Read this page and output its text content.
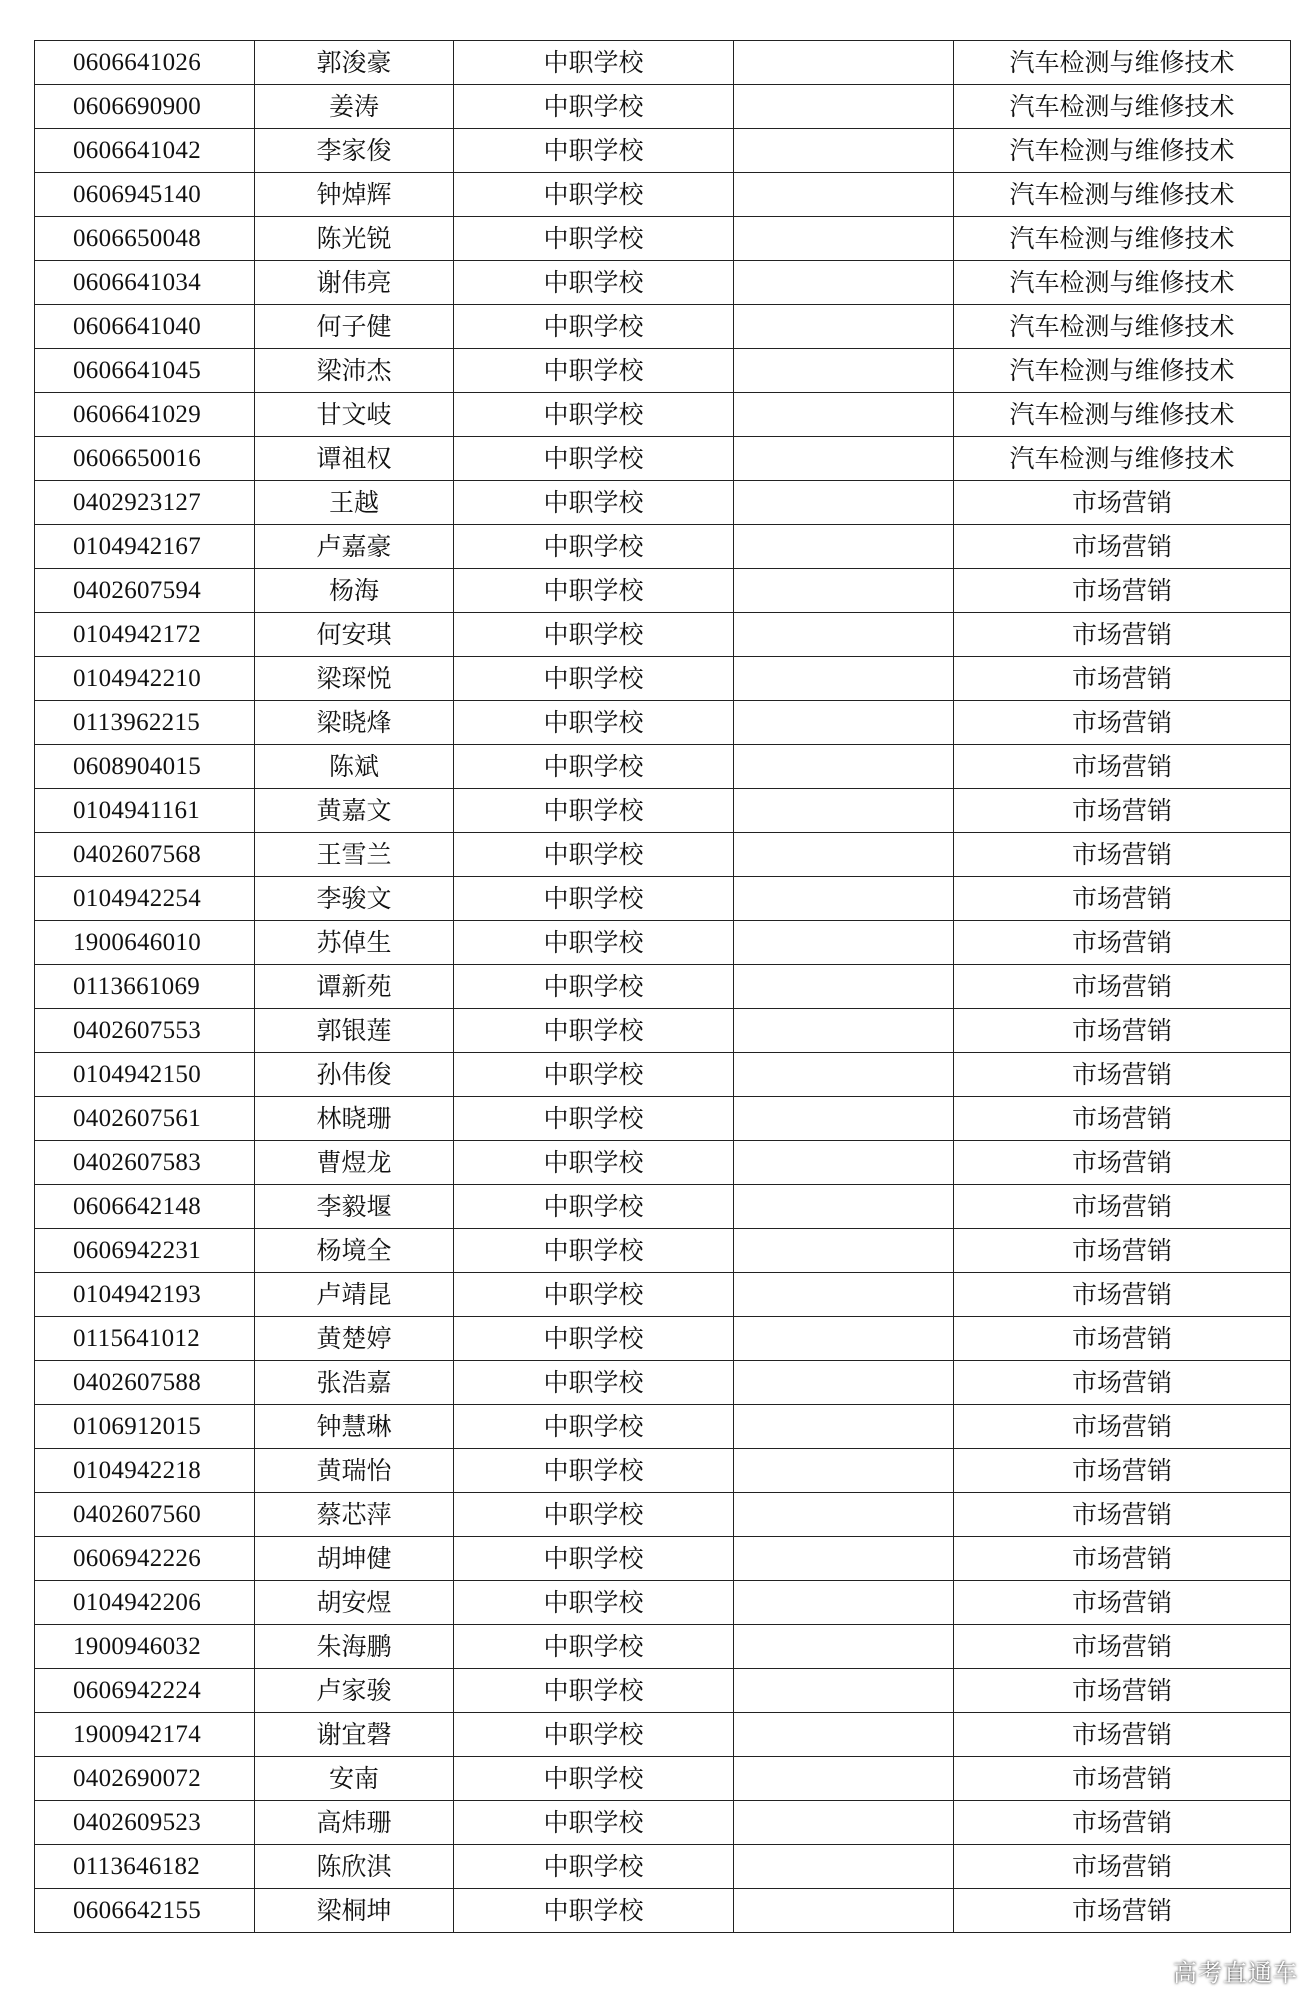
0606641026	郭浚豪	中职学校		汽车检测与维修技术
0606690900	姜涛	中职学校		汽车检测与维修技术
0606641042	李家俊	中职学校		汽车检测与维修技术
0606945140	钟焯辉	中职学校		汽车检测与维修技术
0606650048	陈光锐	中职学校		汽车检测与维修技术
0606641034	谢伟亮	中职学校		汽车检测与维修技术
0606641040	何子健	中职学校		汽车检测与维修技术
0606641045	梁沛杰	中职学校		汽车检测与维修技术
0606641029	甘文岐	中职学校		汽车检测与维修技术
0606650016	谭祖权	中职学校		汽车检测与维修技术
0402923127	王越	中职学校		市场营销
0104942167	卢嘉豪	中职学校		市场营销
0402607594	杨海	中职学校		市场营销
0104942172	何安琪	中职学校		市场营销
0104942210	梁琛悦	中职学校		市场营销
0113962215	梁晓烽	中职学校		市场营销
0608904015	陈斌	中职学校		市场营销
0104941161	黄嘉文	中职学校		市场营销
0402607568	王雪兰	中职学校		市场营销
0104942254	李骏文	中职学校		市场营销
1900646010	苏倬生	中职学校		市场营销
0113661069	谭新苑	中职学校		市场营销
0402607553	郭银莲	中职学校		市场营销
0104942150	孙伟俊	中职学校		市场营销
0402607561	林晓珊	中职学校		市场营销
0402607583	曹煜龙	中职学校		市场营销
0606642148	李毅堰	中职学校		市场营销
0606942231	杨境全	中职学校		市场营销
0104942193	卢靖昆	中职学校		市场营销
0115641012	黄楚婷	中职学校		市场营销
0402607588	张浩嘉	中职学校		市场营销
0106912015	钟慧琳	中职学校		市场营销
0104942218	黄瑞怡	中职学校		市场营销
0402607560	蔡芯萍	中职学校		市场营销
0606942226	胡坤健	中职学校		市场营销
0104942206	胡安煜	中职学校		市场营销
1900946032	朱海鹏	中职学校		市场营销
0606942224	卢家骏	中职学校		市场营销
1900942174	谢宜磬	中职学校		市场营销
0402690072	安南	中职学校		市场营销
0402609523	高炜珊	中职学校		市场营销
0113646182	陈欣淇	中职学校		市场营销
0606642155	梁桐坤	中职学校		市场营销
高考直通车
